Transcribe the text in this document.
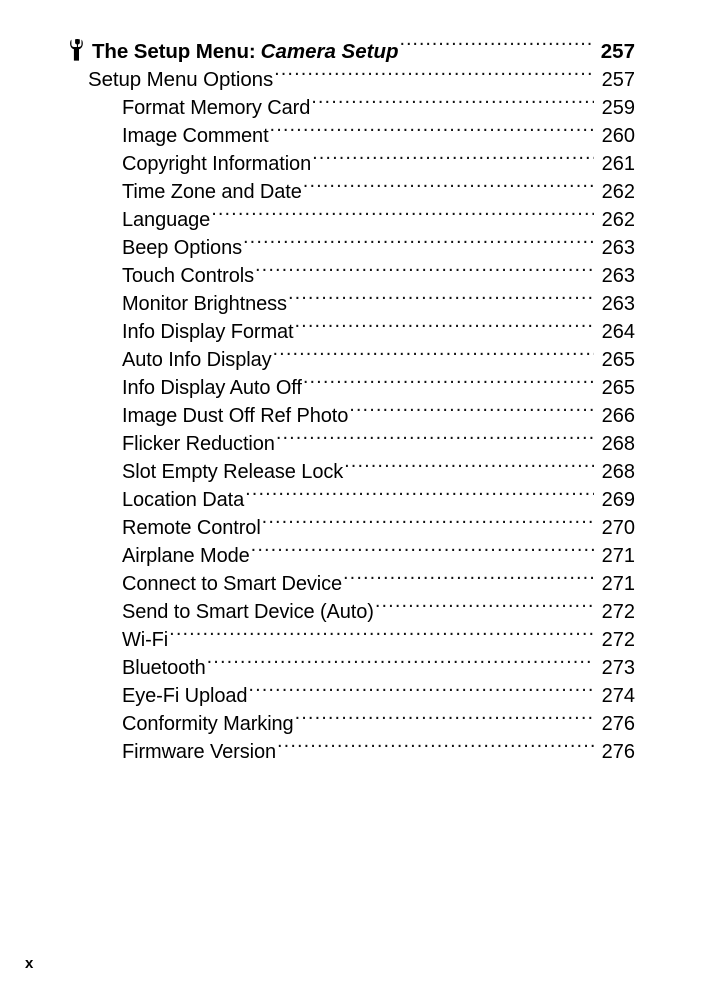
The Setup Menu: Camera Setup .....	257
Setup Menu Options .....	257
Format Memory Card .....	259
Image Comment .....	260
Copyright Information .....	261
Time Zone and Date .....	262
Language .....	262
Beep Options .....	263
Touch Controls .....	263
Monitor Brightness .....	263
Info Display Format .....	264
Auto Info Display .....	265
Info Display Auto Off .....	265
Image Dust Off Ref Photo .....	266
Flicker Reduction .....	268
Slot Empty Release Lock .....	268
Location Data .....	269
Remote Control .....	270
Airplane Mode .....	271
Connect to Smart Device .....	271
Send to Smart Device (Auto) .....	272
Wi-Fi .....	272
Bluetooth .....	273
Eye-Fi Upload .....	274
Conformity Marking .....	276
Firmware Version .....	276
x
